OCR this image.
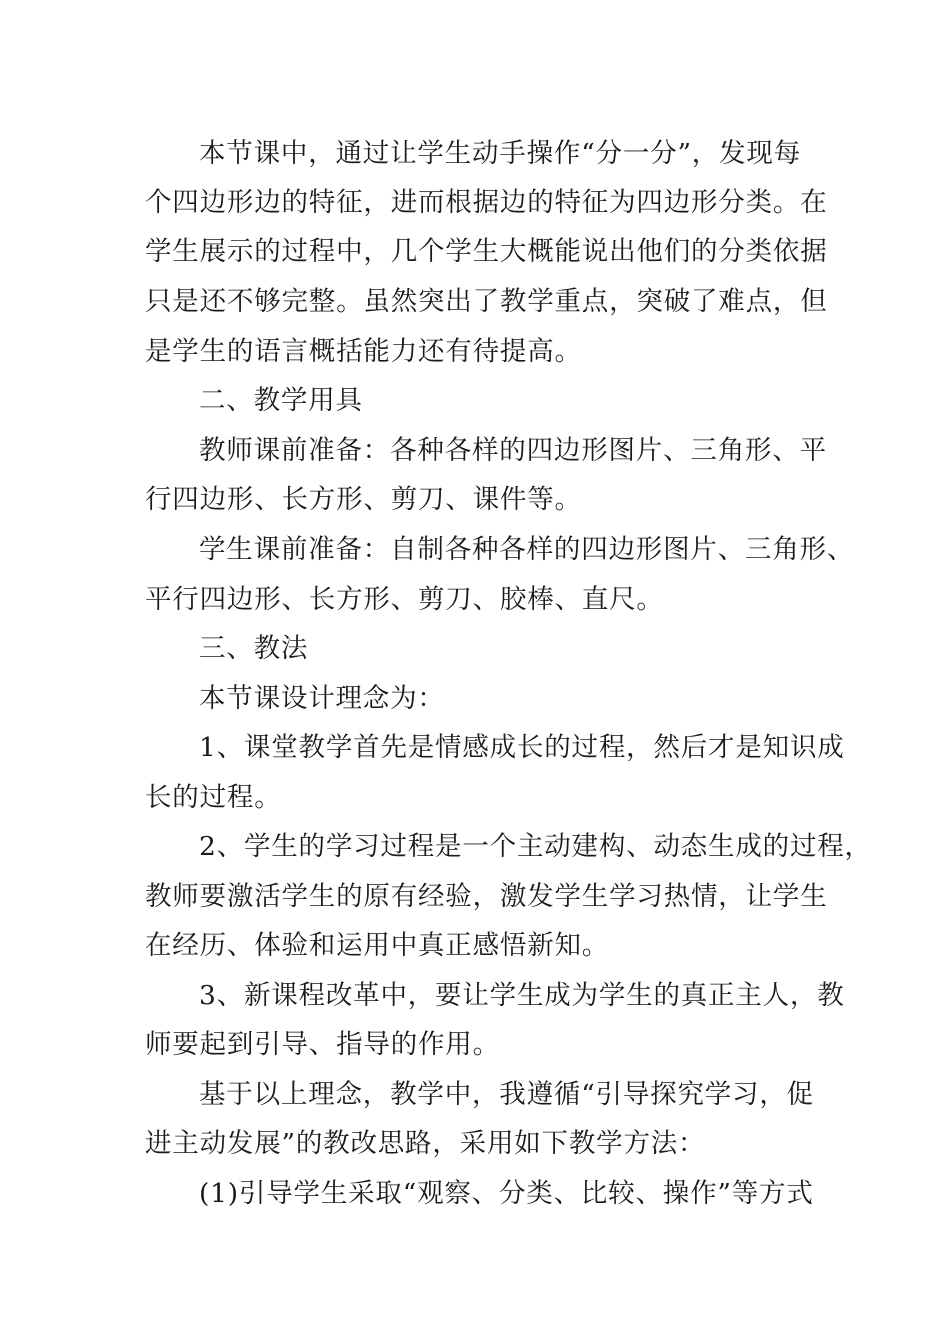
本节课中，通过让学生动手操作“分一分”，发现每
个四边形边的特征，进而根据边的特征为四边形分类。在
学生展示的过程中，几个学生大概能说出他们的分类依据
只是还不够完整。虽然突出了教学重点，突破了难点，但
是学生的语言概括能力还有待提高。
二、教学用具
教师课前准备：各种各样的四边形图片、三角形、平
行四边形、长方形、剪刀、课件等。
学生课前准备：自制各种各样的四边形图片、三角形、
平行四边形、长方形、剪刀、胶棒、直尺。
三、教法
本节课设计理念为：
1、课堂教学首先是情感成长的过程，然后才是知识成
长的过程。
2、学生的学习过程是一个主动建构、动态生成的过程，
教师要激活学生的原有经验，激发学生学习热情，让学生
在经历、体验和运用中真正感悟新知。
3、新课程改革中，要让学生成为学生的真正主人，教
师要起到引导、指导的作用。
基于以上理念，教学中，我遵循“引导探究学习，促
进主动发展”的教改思路，采用如下教学方法：
(1)引导学生采取“观察、分类、比较、操作”等方式
